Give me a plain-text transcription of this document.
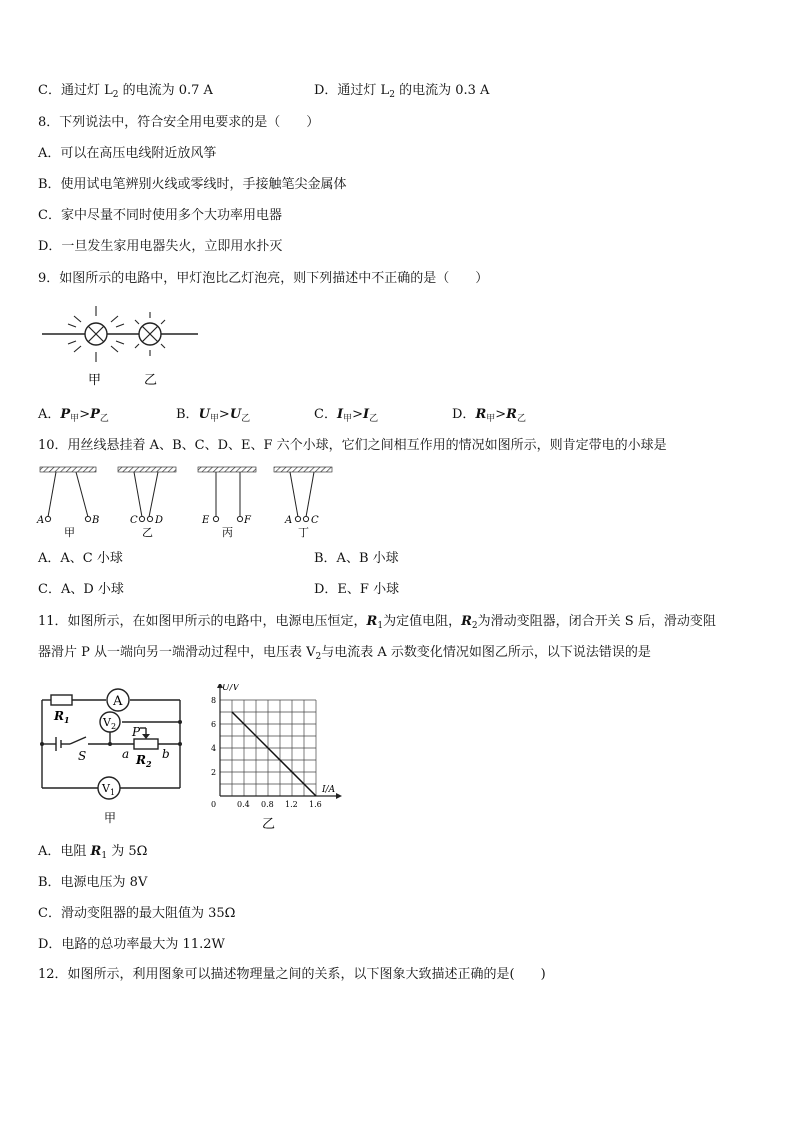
C．通过灯 $L_2$ 的电流为 0.7 A	D．通过灯 $L_2$ 的电流为 0.3 A
8．下列说法中，符合安全用电要求的是（　　）
A．可以在高压电线附近放风筝
B．使用试电笔辨别火线或零线时，手接触笔尖金属体
C．家中尽量不同时使用多个大功率用电器
D．一旦发生家用电器失火，立即用水扑灭
9．如图所示的电路中，甲灯泡比乙灯泡亮，则下列描述中不正确的是（　　）
甲	乙
A．$P_甲>P_乙$	B．$U_甲>U_乙$	C．$I_甲>I_乙$	D．$R_甲>R_乙$
10．用丝线悬挂着 A、B、C、D、E、F 六个小球，它们之间相互作用的情况如图所示，则肯定带电的小球是
A	B
甲
C D
乙
E	F
丙
A C
丁
A．A、C 小球	B．A、B 小球
C．A、D 小球	D．E、F 小球
11．如图所示，在如图甲所示的电路中，电源电压恒定，$R_1$为定值电阻，$R_2$为滑动变阻器，闭合开关 S 后，滑动变阻
器滑片 P 从一端向另一端滑动过程中，电压表 $V_2$与电流表 A 示数变化情况如图乙所示，以下说法错误的是
A
$V_2$
$V_1$
$R_1$
P
S	a $R_2$
b
甲
0.4 0.8 1.2 1.6
2
4
6
8
0
I/A
U/V
乙
A．电阻 $R_1$ 为 5Ω
B．电源电压为 8V
C．滑动变阻器的最大阻值为 35Ω
D．电路的总功率最大为 11.2W
12．如图所示，利用图象可以描述物理量之间的关系，以下图象大致描述正确的是(　　)
